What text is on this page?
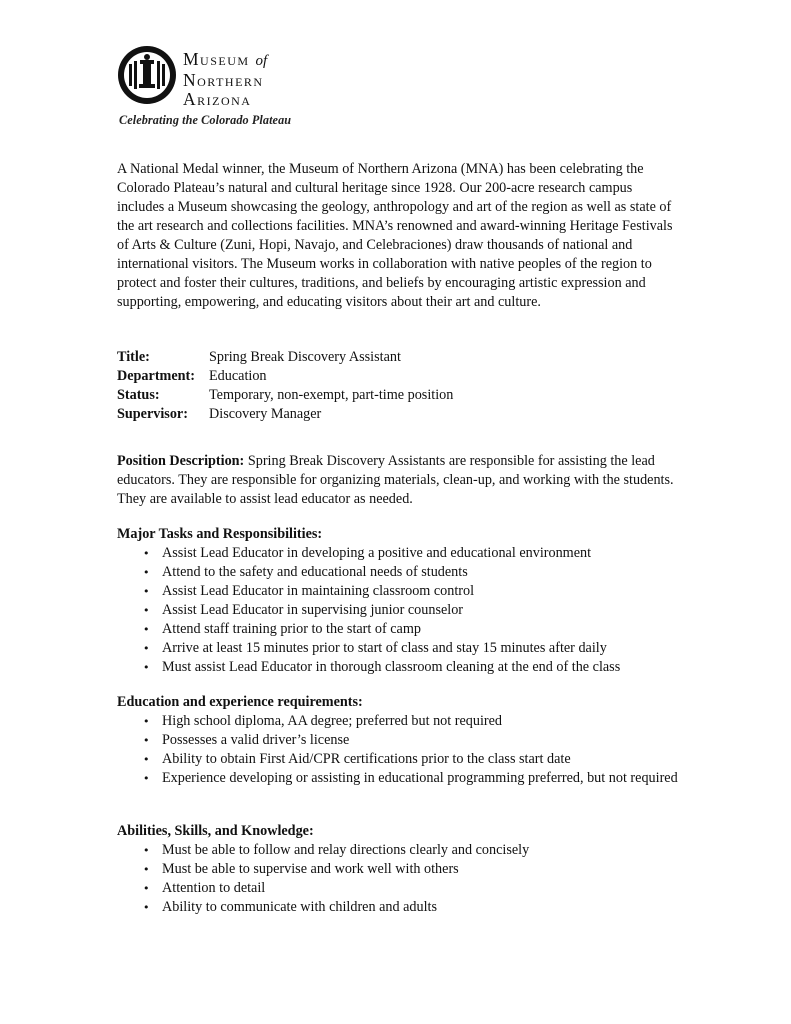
Museum of
Northern
Arizona
Celebrating the Colorado Plateau

A National Medal winner, the Museum of Northern Arizona (MNA) has been celebrating the Colorado Plateau’s natural and cultural heritage since 1928. Our 200-acre research campus includes a Museum showcasing the geology, anthropology and art of the region as well as state of the art research and collections facilities. MNA’s renowned and award-winning Heritage Festivals of Arts & Culture (Zuni, Hopi, Navajo, and Celebraciones) draw thousands of national and international visitors. The Museum works in collaboration with native peoples of the region to protect and foster their cultures, traditions, and beliefs by encouraging artistic expression and supporting, empowering, and educating visitors about their art and culture.

Title:	Spring Break Discovery Assistant
Department: Education
Status:	Temporary, non-exempt, part-time position
Supervisor:	Discovery Manager

Position Description: Spring Break Discovery Assistants are responsible for assisting the lead educators. They are responsible for organizing materials, clean-up, and working with the students. They are available to assist lead educator as needed.

Major Tasks and Responsibilities:

• Assist Lead Educator in developing a positive and educational environment
• Attend to the safety and educational needs of students
• Assist Lead Educator in maintaining classroom control
• Assist Lead Educator in supervising junior counselor
• Attend staff training prior to the start of camp
• Arrive at least 15 minutes prior to start of class and stay 15 minutes after daily
• Must assist Lead Educator in thorough classroom cleaning at the end of the class

Education and experience requirements:

• High school diploma, AA degree; preferred but not required
• Possesses a valid driver’s license
• Ability to obtain First Aid/CPR certifications prior to the class start date
• Experience developing or assisting in educational programming preferred, but not required

Abilities, Skills, and Knowledge:

• Must be able to follow and relay directions clearly and concisely
• Must be able to supervise and work well with others
• Attention to detail
• Ability to communicate with children and adults
